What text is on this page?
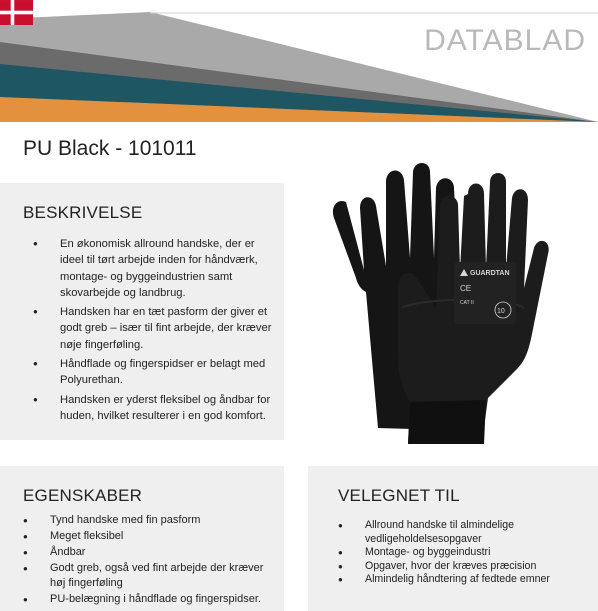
DATABLAD
PU Black - 101011
BESKRIVELSE
● En økonomisk allround handske, der er ideel til tørt arbejde inden for håndværk, montage- og byggeindustrien samt skovarbejde og landbrug.
● Handsken har en tæt pasform der giver et godt greb – især til fint arbejde, der kræver nøje fingerføling.
● Håndflade og fingerspidser er belagt med Polyurethan.
● Handsken er yderst fleksibel og åndbar for huden, hvilket resulterer i en god komfort.
GUARDTAN
CE
CAT II
10
EGENSKABER
● Tynd handske med fin pasform
● Meget fleksibel
● Åndbar
● Godt greb, også ved fint arbejde der kræver høj fingerføling
● PU-belægning i håndflade og fingerspidser.
VELEGNET TIL
● Allround handske til almindelige vedligeholdelsesopgaver
● Montage- og byggeindustri
● Opgaver, hvor der kræves præcision
● Almindelig håndtering af fedtede emner
